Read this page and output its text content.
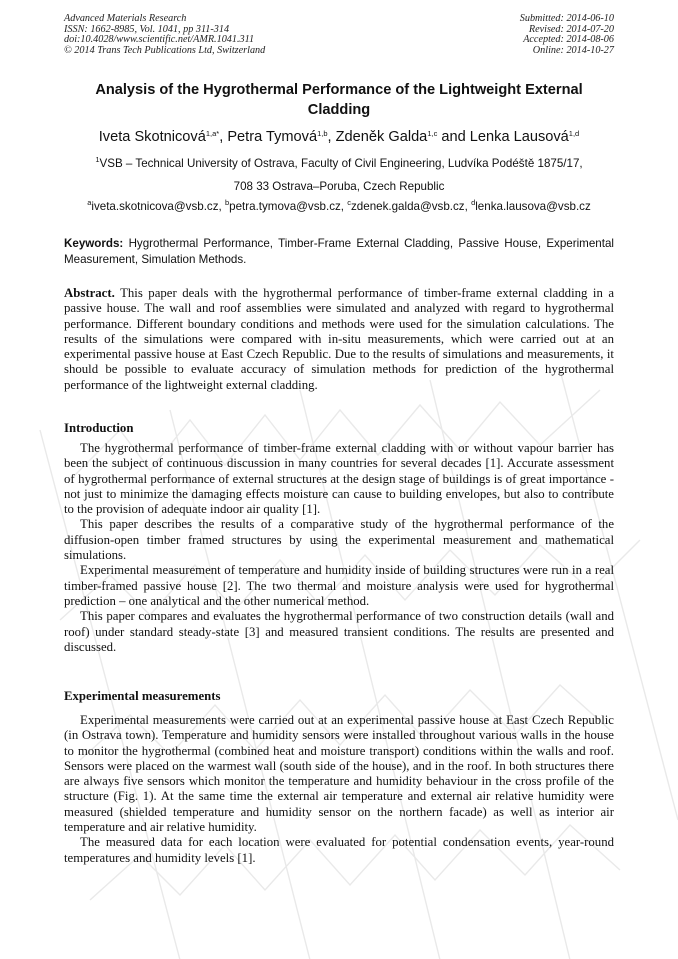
Advanced Materials Research
ISSN: 1662-8985, Vol. 1041, pp 311-314
doi:10.4028/www.scientific.net/AMR.1041.311
© 2014 Trans Tech Publications Ltd, Switzerland
Submitted: 2014-06-10
Revised: 2014-07-20
Accepted: 2014-08-06
Online: 2014-10-27
Analysis of the Hygrothermal Performance of the Lightweight External Cladding
Iveta Skotnicová$^{1,a*}$, Petra Tymová$^{1,b}$, Zdeněk Galda$^{1,c}$ and Lenka Lausová$^{1,d}$
$^1$VSB – Technical University of Ostrava, Faculty of Civil Engineering, Ludvíka Podéště 1875/17,
708 33 Ostrava–Poruba, Czech Republic
$^a$iveta.skotnicova@vsb.cz, $^b$petra.tymova@vsb.cz, $^c$zdenek.galda@vsb.cz, $^d$lenka.lausova@vsb.cz
Keywords: Hygrothermal Performance, Timber-Frame External Cladding, Passive House, Experimental Measurement, Simulation Methods.

Abstract. This paper deals with the hygrothermal performance of timber-frame external cladding in a passive house. The wall and roof assemblies were simulated and analyzed with regard to hygrothermal performance. Different boundary conditions and methods were used for the simulation calculations. The results of the simulations were compared with in-situ measurements, which were carried out at an experimental passive house at East Czech Republic. Due to the results of simulations and measurements, it should be possible to evaluate accuracy of simulation methods for prediction of the hygrothermal performance of the lightweight external cladding.

Introduction

The hygrothermal performance of timber-frame external cladding with or without vapour barrier has been the subject of continuous discussion in many countries for several decades [1]. Accurate assessment of hygrothermal performance of external structures at the design stage of buildings is of great importance - not just to minimize the damaging effects moisture can cause to building envelopes, but also to contribute to the provision of adequate indoor air quality [1].

This paper describes the results of a comparative study of the hygrothermal performance of the diffusion-open timber framed structures by using the experimental measurement and mathematical simulations.

Experimental measurement of temperature and humidity inside of building structures were run in a real timber-framed passive house [2]. The two thermal and moisture analysis were used for hygrothermal prediction – one analytical and the other numerical method.

This paper compares and evaluates the hygrothermal performance of two construction details (wall and roof) under standard steady-state [3] and measured transient conditions. The results are presented and discussed.

Experimental measurements

Experimental measurements were carried out at an experimental passive house at East Czech Republic (in Ostrava town). Temperature and humidity sensors were installed throughout various walls in the house to monitor the hygrothermal (combined heat and moisture transport) conditions within the walls and roof. Sensors were placed on the warmest wall (south side of the house), and in the roof. In both structures there are always five sensors which monitor the temperature and humidity behaviour in the cross profile of the structure (Fig. 1). At the same time the external air temperature and external air relative humidity were measured (shielded temperature and humidity sensor on the northern facade) as well as interior air temperature and air relative humidity.

The measured data for each location were evaluated for potential condensation events, year-round temperatures and humidity levels [1].
